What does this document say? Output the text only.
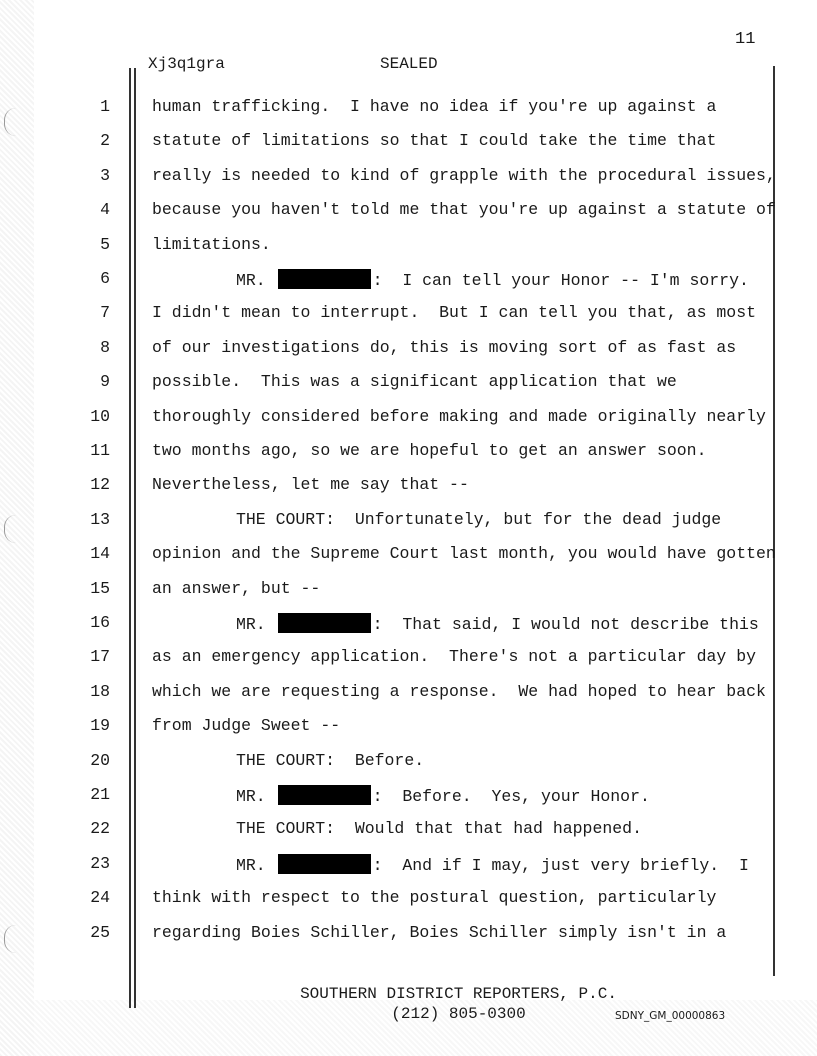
11
Xj3q1gra	SEALED
1	human trafficking.  I have no idea if you're up against a
2	statute of limitations so that I could take the time that
3	really is needed to kind of grapple with the procedural issues,
4	because you haven't told me that you're up against a statute of
5	limitations.
6	MR.	:  I can tell your Honor -- I'm sorry.
7	I didn't mean to interrupt.  But I can tell you that, as most
8	of our investigations do, this is moving sort of as fast as
9	possible.  This was a significant application that we
10	thoroughly considered before making and made originally nearly
11	two months ago, so we are hopeful to get an answer soon.
12	Nevertheless, let me say that --
13	THE COURT:  Unfortunately, but for the dead judge
14	opinion and the Supreme Court last month, you would have gotten
15	an answer, but --
16	MR.	:  That said, I would not describe this
17	as an emergency application.  There's not a particular day by
18	which we are requesting a response.  We had hoped to hear back
19	from Judge Sweet --
20	THE COURT:  Before.
21	MR.	:  Before.  Yes, your Honor.
22	THE COURT:  Would that that had happened.
23	MR.	:  And if I may, just very briefly.  I
24	think with respect to the postural question, particularly
25	regarding Boies Schiller, Boies Schiller simply isn't in a
SOUTHERN DISTRICT REPORTERS, P.C.
(212) 805-0300	SDNY_GM_00000863
